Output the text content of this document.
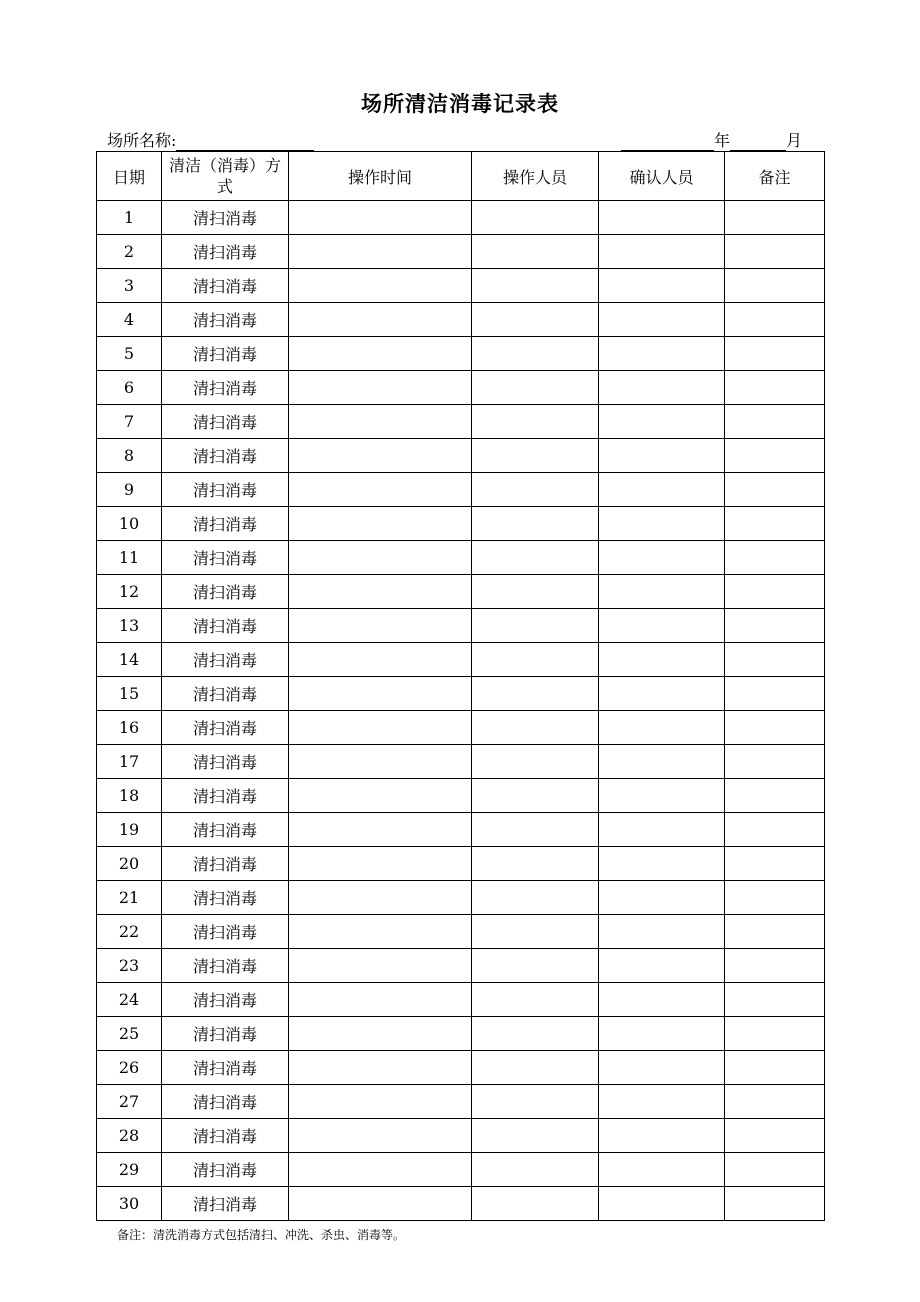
场所清洁消毒记录表
场所名称:	年	月
日期	清洁（消毒）方式	操作时间	操作人员	确认人员	备注
1	清扫消毒				
2	清扫消毒				
3	清扫消毒				
4	清扫消毒				
5	清扫消毒				
6	清扫消毒				
7	清扫消毒				
8	清扫消毒				
9	清扫消毒				
10	清扫消毒				
11	清扫消毒				
12	清扫消毒				
13	清扫消毒				
14	清扫消毒				
15	清扫消毒				
16	清扫消毒				
17	清扫消毒				
18	清扫消毒				
19	清扫消毒				
20	清扫消毒				
21	清扫消毒				
22	清扫消毒				
23	清扫消毒				
24	清扫消毒				
25	清扫消毒				
26	清扫消毒				
27	清扫消毒				
28	清扫消毒				
29	清扫消毒				
30	清扫消毒				
备注：清洗消毒方式包括清扫、冲洗、杀虫、消毒等。
